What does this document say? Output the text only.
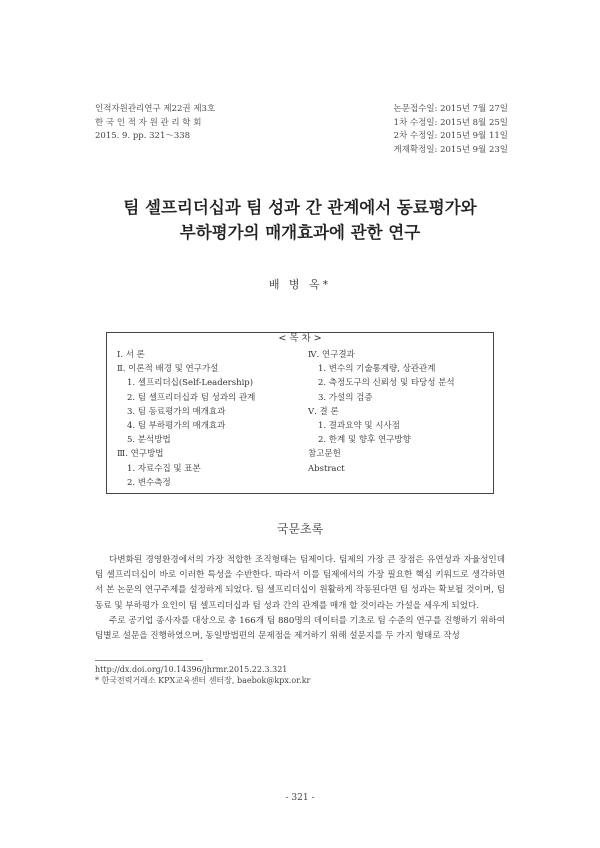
인적자원관리연구 제22권 제3호
한 국 인 적 자 원 관 리 학 회
2015. 9. pp. 321～338
논문접수일: 2015년 7월 27일
1차 수정일: 2015년 8월 25일
2차 수정일: 2015년 9월 11일
게재확정일: 2015년 9월 23일
팀 셀프리더십과 팀 성과 간 관계에서 동료평가와
부하평가의 매개효과에 관한 연구
배 병 옥*
< 목 차 >
Ⅰ. 서 론
Ⅱ. 이론적 배경 및 연구가설
1. 셀프리더십(Self-Leadership)
2. 팀 셀프리더십과 팀 성과의 관계
3. 팀 동료평가의 매개효과
4. 팀 부하평가의 매개효과
5. 분석방법
Ⅲ. 연구방법
1. 자료수집 및 표본
2. 변수측정
Ⅳ. 연구결과
1. 변수의 기술통계량, 상관관계
2. 측정도구의 신뢰성 및 타당성 분석
3. 가설의 검증
Ⅴ. 결 론
1. 결과요약 및 시사점
2. 한계 및 향후 연구방향
참고문헌
Abstract
국문초록

다변화된 경영환경에서의 가장 적합한 조직형태는 팀제이다. 팀제의 가장 큰 장점은 유연성과 자율성인데 팀 셀프리더십이 바로 이러한 특성을 수반한다. 따라서 이를 팀제에서의 가장 필요한 핵심 키워드로 생각하면서 본 논문의 연구주제를 설정하게 되었다. 팀 셀프리더십이 원활하게 작동된다면 팀 성과는 확보될 것이며, 팀 동료 및 부하평가 요인이 팀 셀프리더십과 팀 성과 간의 관계를 매개 할 것이라는 가설을 세우게 되었다.

주로 공기업 종사자를 대상으로 총 166개 팀 880명의 데이터를 기초로 팀 수준의 연구를 진행하기 위하여 팀별로 설문을 진행하였으며, 동일방법편의 문제점을 제거하기 위해 설문지를 두 가지 형태로 작성

http://dx.doi.org/10.14396/jhrmr.2015.22.3.321
* 한국전력거래소 KPX교육센터 센터장, baebok@kpx.or.kr
- 321 -
